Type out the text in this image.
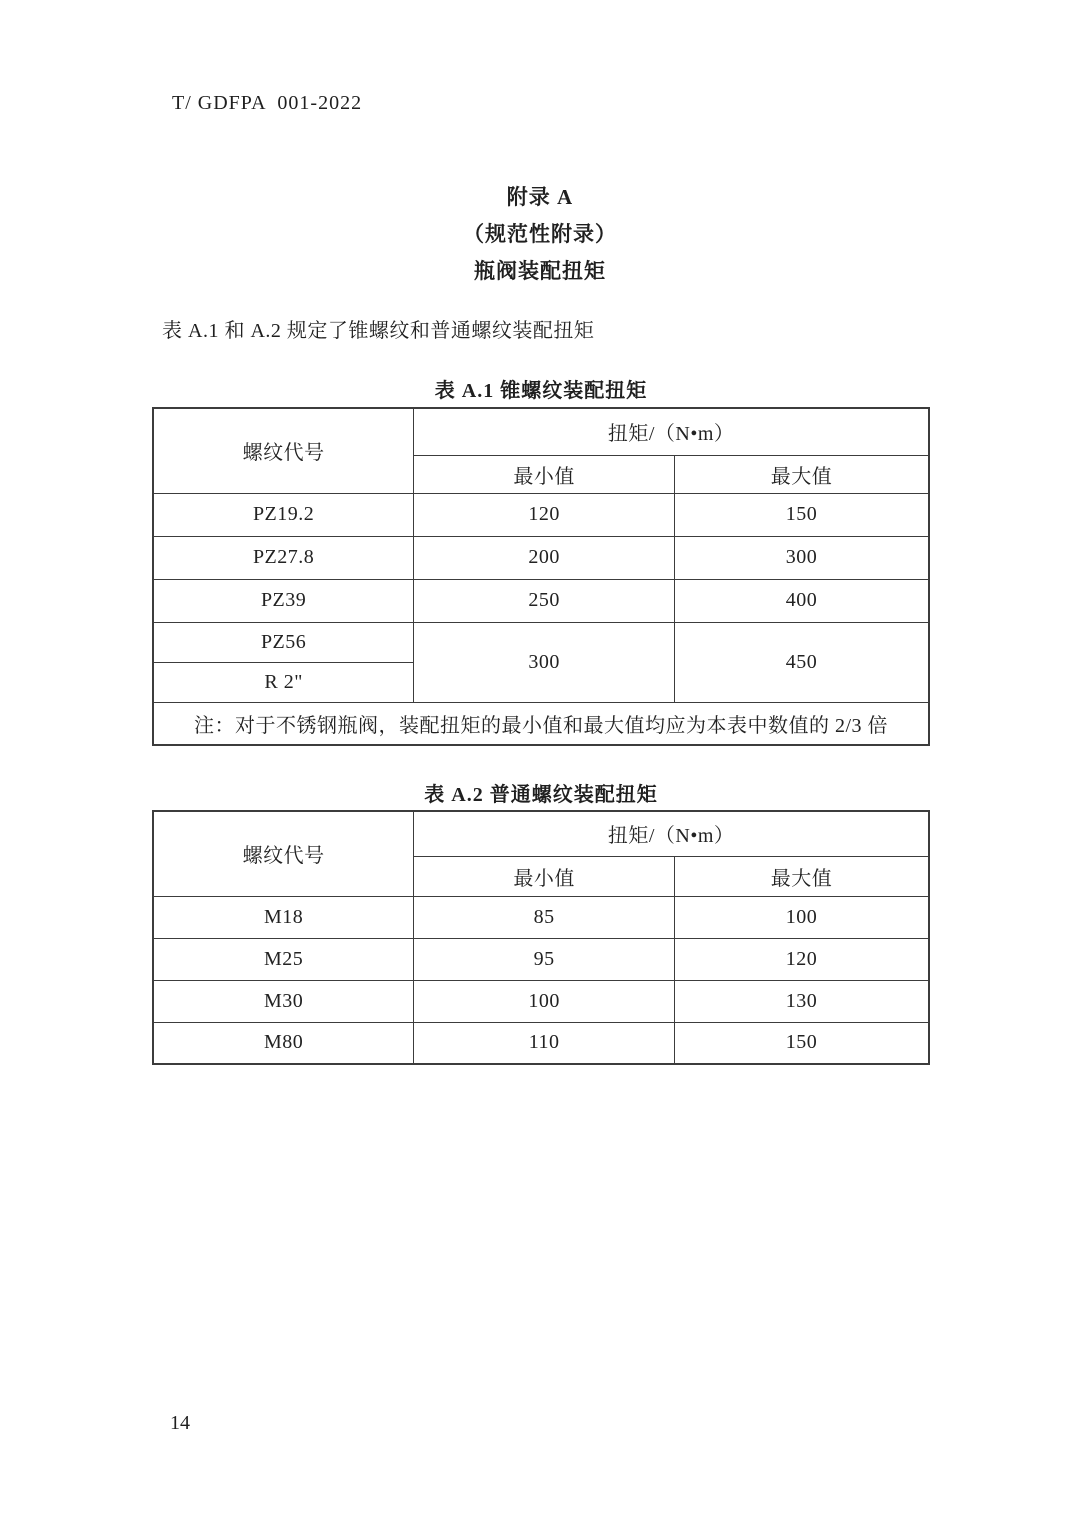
T/ GDFPA  001-2022
附录 A
（规范性附录）
瓶阀装配扭矩
表 A.1 和 A.2 规定了锥螺纹和普通螺纹装配扭矩
表 A.1 锥螺纹装配扭矩
螺纹代号	扭矩/（N•m）	
	最小值	最大值
PZ19.2	120	150
PZ27.8	200	300
PZ39	250	400
PZ56	300	450
R 2"		
注：对于不锈钢瓶阀，装配扭矩的最小值和最大值均应为本表中数值的 2/3 倍		
表 A.2 普通螺纹装配扭矩
螺纹代号	扭矩/（N•m）	
	最小值	最大值
M18	85	100
M25	95	120
M30	100	130
M80	110	150
14
